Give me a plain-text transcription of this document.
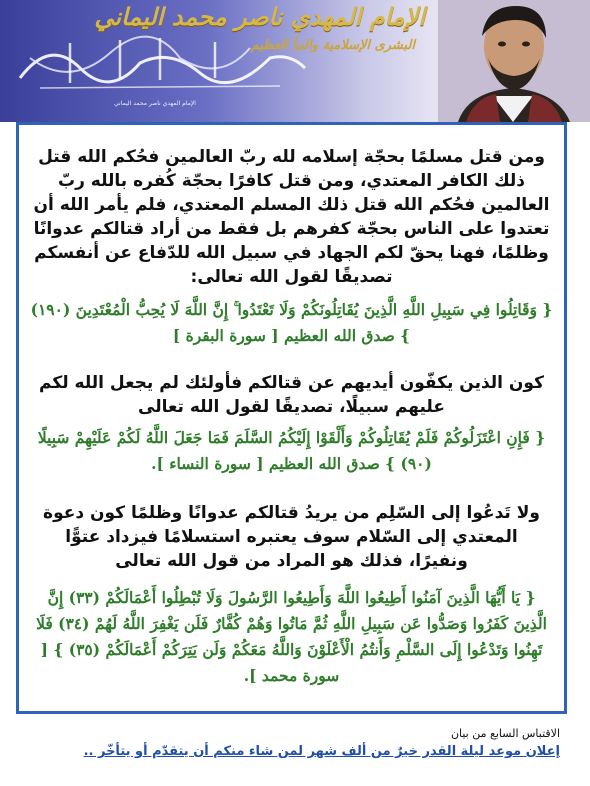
الإمام المهدي ناصر محمد اليماني
البشرى الإسلامية والنبأ العظيم
الإمام المهدي ناصر محمد اليماني
ومن قتل مسلمًا بحجّة إسلامه لله ربّ العالمين فحُكم الله قتل ذلك الكافر المعتدي، ومن قتل كافرًا بحجّة كُفره بالله ربّ العالمين فحُكم الله قتل ذلك المسلم المعتدي، فلم يأمر الله أن تعتدوا على الناس بحجّة كفرهم بل فقط من أراد قتالكم عدوانًا وظلمًا، فهنا يحقّ لكم الجهاد في سبيل الله للدّفاع عن أنفسكم تصديقًا لقول الله تعالى:
{ وَقَاتِلُوا فِي سَبِيلِ اللَّهِ الَّذِينَ يُقَاتِلُونَكُمْ وَلَا تَعْتَدُوا ۚ إِنَّ اللَّهَ لَا يُحِبُّ الْمُعْتَدِينَ (١٩٠) } صدق الله العظيم [ سورة البقرة ]
كون الذين يكفّون أيديهم عن قتالكم فأولئك لم يجعل الله لكم عليهم سبيلًا، تصديقًا لقول الله تعالى
{ فَإِنِ اعْتَزَلُوكُمْ فَلَمْ يُقَاتِلُوكُمْ وَأَلْقَوْا إِلَيْكُمُ السَّلَمَ فَمَا جَعَلَ اللَّهُ لَكُمْ عَلَيْهِمْ سَبِيلًا (٩٠) } صدق الله العظيم [ سورة النساء ].
ولا تَدعُوا إلى السّلِم من يريدُ قتالكم عدوانًا وظلمًا كون دعوة المعتدي إلى السّلام سوف يعتبره استسلامًا فيزداد عتوًّا ونفيرًا، فذلك هو المراد من قول الله تعالى
{ يَا أَيُّهَا الَّذِينَ آمَنُوا أَطِيعُوا اللَّهَ وَأَطِيعُوا الرَّسُولَ وَلَا تُبْطِلُوا أَعْمَالَكُمْ (٣٣) إِنَّ الَّذِينَ كَفَرُوا وَصَدُّوا عَن سَبِيلِ اللَّهِ ثُمَّ مَاتُوا وَهُمْ كُفَّارٌ فَلَن يَغْفِرَ اللَّهُ لَهُمْ (٣٤) فَلَا تَهِنُوا وَتَدْعُوا إِلَى السَّلْمِ وَأَنتُمُ الْأَعْلَوْنَ وَاللَّهُ مَعَكُمْ وَلَن يَتِرَكُمْ أَعْمَالَكُمْ (٣٥) } [ سورة محمد ].
الاقتباس السابع من بيان
إعلان موعد ليلة القدر خيرٌ من ألف شهر لمن شاء منكم أن يتقدّم أو يتأخّر ..
